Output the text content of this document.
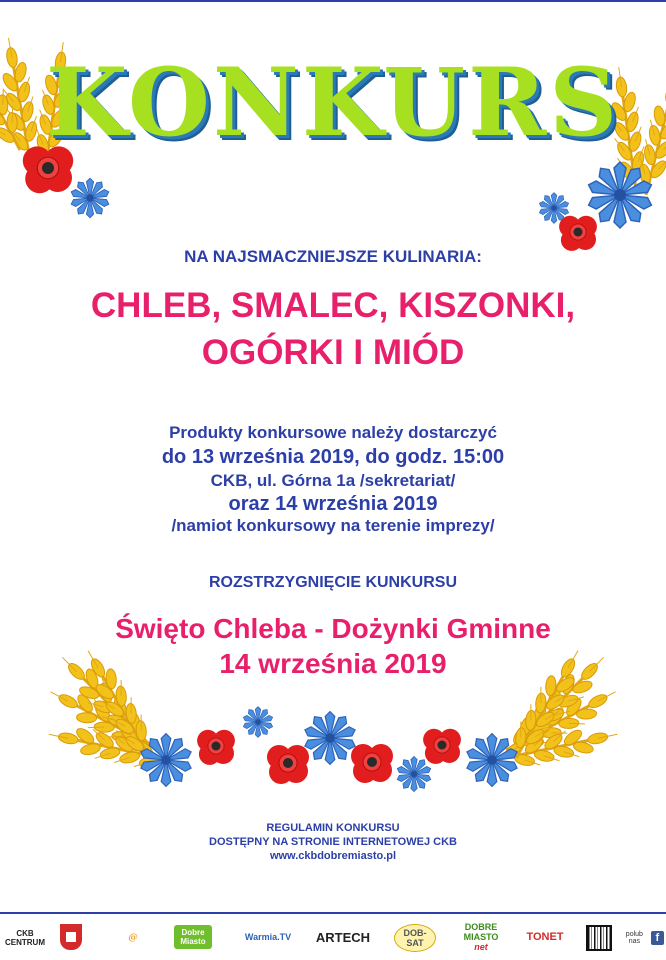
KONKURS
NA NAJSMACZNIEJSZE KULINARIA:
CHLEB, SMALEC, KISZONKI,
OGÓRKI I MIÓD
Produkty konkursowe należy dostarczyć
do 13 września 2019, do godz. 15:00
CKB, ul. Górna 1a /sekretariat/
oraz 14 września 2019
/namiot konkursowy na terenie imprezy/
ROZSTRZYGNIĘCIE KUNKURSU
Święto Chleba - Dożynki Gminne
14 września 2019
REGULAMIN KONKURSU
DOSTĘPNY NA STRONIE INTERNETOWEJ CKB
www.ckbdobremiasto.pl
CKB
CENTRUM	@
Dobre Miasto	Warmia.TV	ARTECH	DOB-SAT
DOBRE MIASTO
net
TONET	polub nas	f
